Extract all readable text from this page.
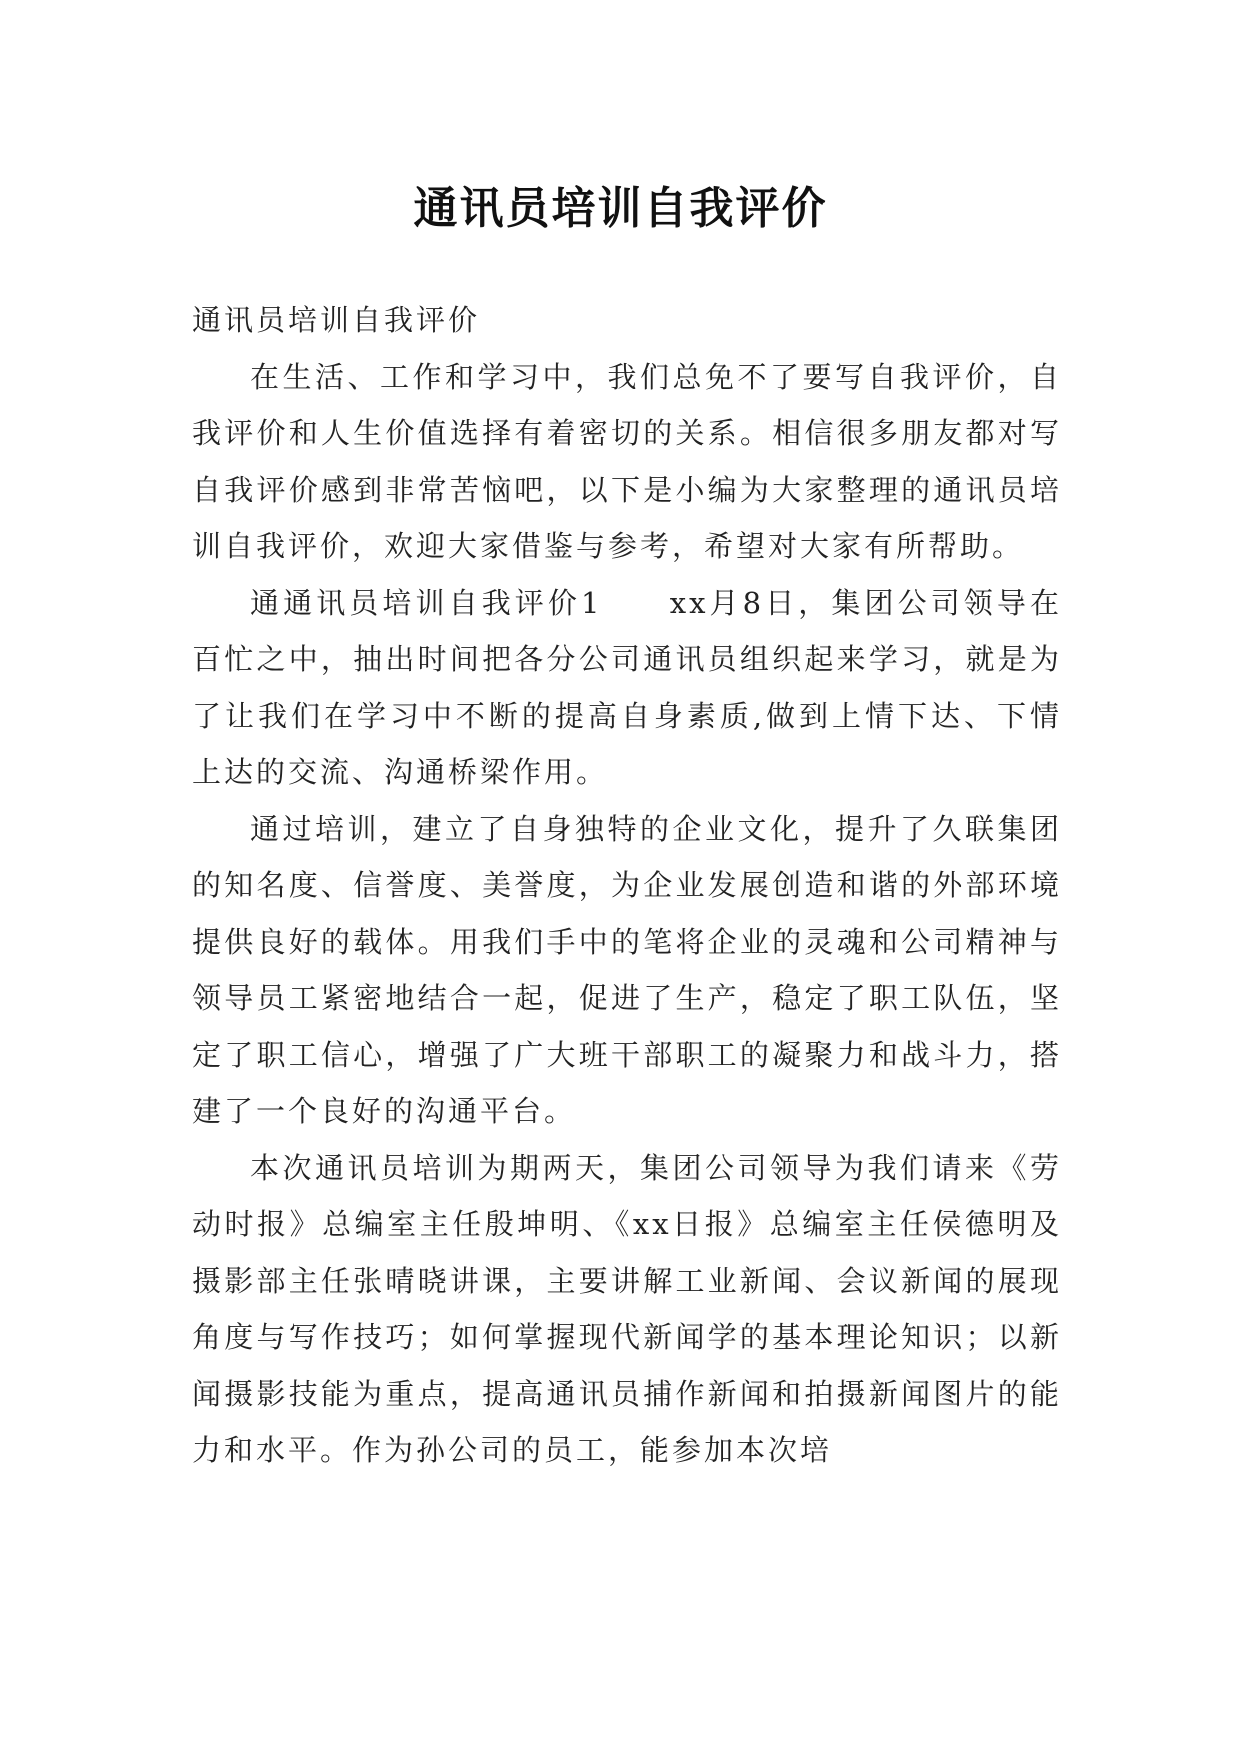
通讯员培训自我评价

通讯员培训自我评价

在生活、工作和学习中，我们总免不了要写自我评价，自我评价和人生价值选择有着密切的关系。相信很多朋友都对写自我评价感到非常苦恼吧，以下是小编为大家整理的通讯员培训自我评价，欢迎大家借鉴与参考，希望对大家有所帮助。

通通讯员培训自我评价1　　xx月8日，集团公司领导在百忙之中，抽出时间把各分公司通讯员组织起来学习，就是为了让我们在学习中不断的提高自身素质,做到上情下达、下情上达的交流、沟通桥梁作用。

通过培训，建立了自身独特的企业文化，提升了久联集团的知名度、信誉度、美誉度，为企业发展创造和谐的外部环境提供良好的载体。用我们手中的笔将企业的灵魂和公司精神与领导员工紧密地结合一起，促进了生产，稳定了职工队伍，坚定了职工信心，增强了广大班干部职工的凝聚力和战斗力，搭建了一个良好的沟通平台。

本次通讯员培训为期两天，集团公司领导为我们请来《劳动时报》总编室主任殷坤明、《xx日报》总编室主任侯德明及摄影部主任张晴晓讲课，主要讲解工业新闻、会议新闻的展现角度与写作技巧；如何掌握现代新闻学的基本理论知识；以新闻摄影技能为重点，提高通讯员捕作新闻和拍摄新闻图片的能力和水平。作为孙公司的员工，能参加本次培
